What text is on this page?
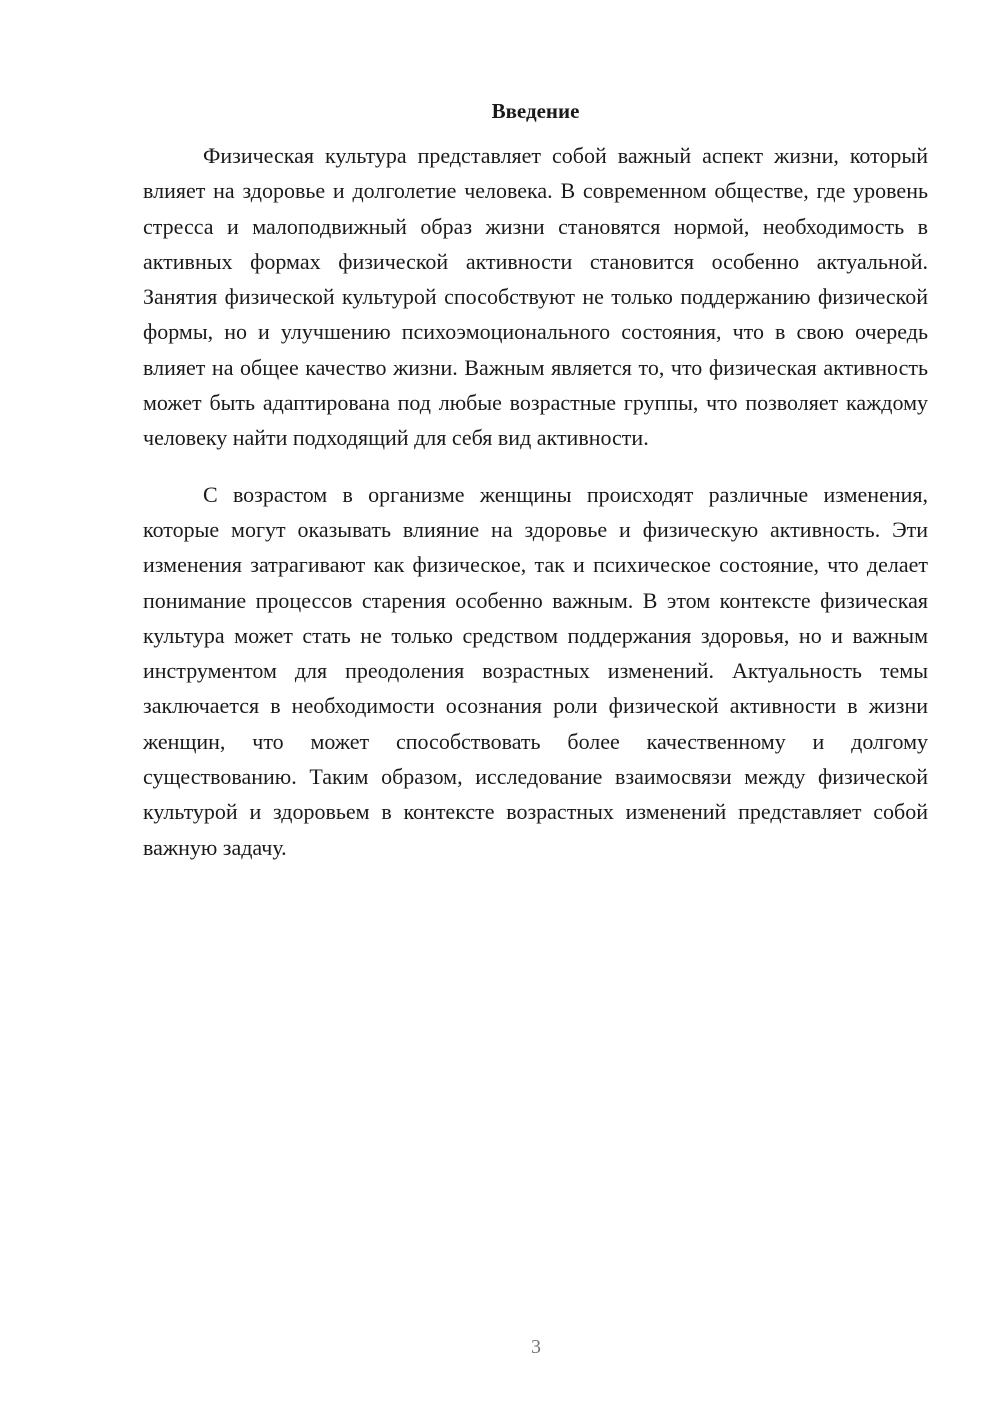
Введение

Физическая культура представляет собой важный аспект жизни, который влияет на здоровье и долголетие человека. В современном обществе, где уровень стресса и малоподвижный образ жизни становятся нормой, необходимость в активных формах физической активности становится особенно актуальной. Занятия физической культурой способствуют не только поддержанию физической формы, но и улучшению психоэмоционального состояния, что в свою очередь влияет на общее качество жизни. Важным является то, что физическая активность может быть адаптирована под любые возрастные группы, что позволяет каждому человеку найти подходящий для себя вид активности.

С возрастом в организме женщины происходят различные изменения, которые могут оказывать влияние на здоровье и физическую активность. Эти изменения затрагивают как физическое, так и психическое состояние, что делает понимание процессов старения особенно важным. В этом контексте физическая культура может стать не только средством поддержания здоровья, но и важным инструментом для преодоления возрастных изменений. Актуальность темы заключается в необходимости осознания роли физической активности в жизни женщин, что может способствовать более качественному и долгому существованию. Таким образом, исследование взаимосвязи между физической культурой и здоровьем в контексте возрастных изменений представляет собой важную задачу.

3
